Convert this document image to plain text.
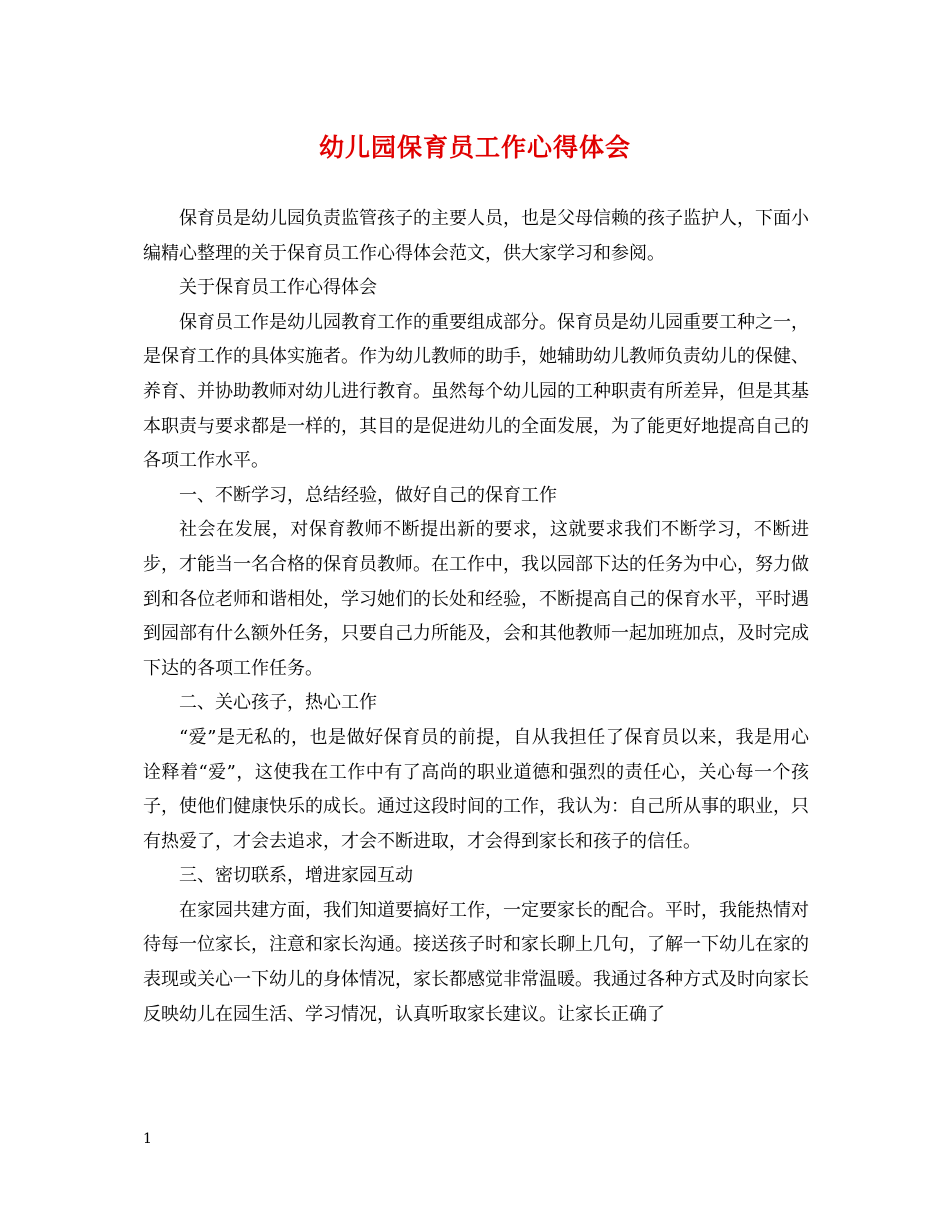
幼儿园保育员工作心得体会

保育员是幼儿园负责监管孩子的主要人员，也是父母信赖的孩子监护人，下面小编精心整理的关于保育员工作心得体会范文，供大家学习和参阅。

关于保育员工作心得体会

保育员工作是幼儿园教育工作的重要组成部分。保育员是幼儿园重要工种之一，是保育工作的具体实施者。作为幼儿教师的助手，她辅助幼儿教师负责幼儿的保健、养育、并协助教师对幼儿进行教育。虽然每个幼儿园的工种职责有所差异，但是其基本职责与要求都是一样的，其目的是促进幼儿的全面发展，为了能更好地提高自己的各项工作水平。

一、不断学习，总结经验，做好自己的保育工作

社会在发展，对保育教师不断提出新的要求，这就要求我们不断学习，不断进步，才能当一名合格的保育员教师。在工作中，我以园部下达的任务为中心，努力做到和各位老师和谐相处，学习她们的长处和经验，不断提高自己的保育水平，平时遇到园部有什么额外任务，只要自己力所能及，会和其他教师一起加班加点，及时完成下达的各项工作任务。

二、关心孩子，热心工作

“爱”是无私的，也是做好保育员的前提，自从我担任了保育员以来，我是用心诠释着“爱”，这使我在工作中有了高尚的职业道德和强烈的责任心，关心每一个孩子，使他们健康快乐的成长。通过这段时间的工作，我认为：自己所从事的职业，只有热爱了，才会去追求，才会不断进取，才会得到家长和孩子的信任。

三、密切联系，增进家园互动

在家园共建方面，我们知道要搞好工作，一定要家长的配合。平时，我能热情对待每一位家长，注意和家长沟通。接送孩子时和家长聊上几句，了解一下幼儿在家的表现或关心一下幼儿的身体情况，家长都感觉非常温暖。我通过各种方式及时向家长反映幼儿在园生活、学习情况，认真听取家长建议。让家长正确了

1
